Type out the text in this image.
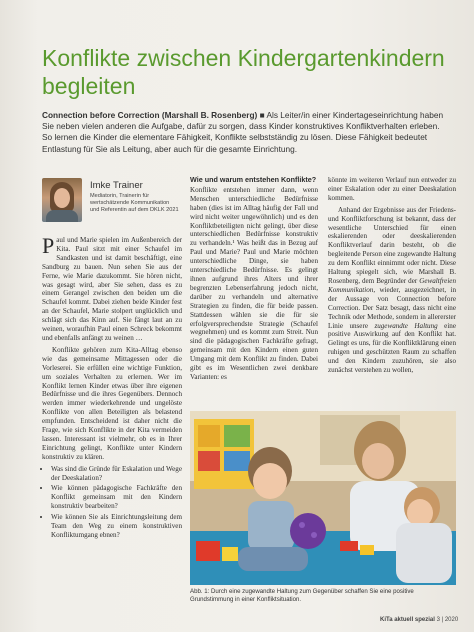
Konflikte zwischen Kindergartenkindern begleiten
Connection before Correction (Marshall B. Rosenberg) ■ Als Leiter/in einer Kindertageseinrichtung haben Sie neben vielen anderen die Aufgabe, dafür zu sorgen, dass Kinder konstruktives Konfliktverhalten erleben. So lernen die Kinder die elementare Fähigkeit, Konflikte selbstständig zu lösen. Diese Fähigkeit bedeutet Entlastung für Sie als Leitung, aber auch für die gesamte Einrichtung.
Imke Trainer
Mediatorin, Trainerin für wertschätzende Kommunikation und Referentin auf dem DKLK 2021

Paul und Marie spielen im Außenbereich der Kita. Paul sitzt mit einer Schaufel im Sandkasten und ist damit beschäftigt, eine Sandburg zu bauen. Nun sehen Sie aus der Ferne, wie Marie dazukommt. Sie hören nicht, was gesagt wird, aber Sie sehen, dass es zu einem Gerangel zwischen den beiden um die Schaufel kommt. Dabei ziehen beide Kinder fest an der Schaufel, Marie stolpert unglücklich und schlägt sich das Kinn auf. Sie fängt laut an zu weinen, woraufhin Paul einen Schreck bekommt und ebenfalls anfängt zu weinen …

Konflikte gehören zum Kita-Alltag ebenso wie das gemeinsame Mittagessen oder die Vorleserei. Sie erfüllen eine wichtige Funktion, um soziales Verhalten zu erlernen. Wer im Konflikt lernen Kinder etwas über ihre eigenen Bedürfnisse und die ihres Gegenübers. Dennoch werden immer wiederkehrende und ungelöste Konflikte von allen Beteiligten als belastend empfunden. Entscheidend ist daher nicht die Frage, wie sich Konflikte in der Kita vermeiden lassen. Interessant ist vielmehr, ob es in Ihrer Einrichtung gelingt, Konflikte unter Kindern konstruktiv zu klären.

• Was sind die Gründe für Eskalation und Wege der Deeskalation?
• Wie können pädagogische Fachkräfte den Konflikt gemeinsam mit den Kindern konstruktiv bearbeiten?
• Wie können Sie als Einrichtungsleitung dem Team den Weg zu einem konstruktiven Konfliktumgang ebnen?
Wie und warum entstehen Konflikte?

Konflikte entstehen immer dann, wenn Menschen unterschiedliche Bedürfnisse haben (dies ist im Alltag häufig der Fall und wird nicht weiter ungewöhnlich) und es den Konfliktbeteiligten nicht gelingt, über diese unterschiedlichen Bedürfnisse konstruktiv zu verhandeln.¹ Was heißt das in Bezug auf Paul und Marie? Paul und Marie möchten unterschiedliche Dinge, sie haben unterschiedliche Bedürfnisse. Es gelingt ihnen aufgrund ihres Alters und ihrer begrenzten Lebenserfahrung jedoch nicht, darüber zu verhandeln und alternative Strategien zu finden, die für beide passen. Stattdessen wählen sie die für sie erfolgversprechendste Strategie (Schaufel wegnehmen) und es kommt zum Streit. Nun sind die pädagogischen Fachkräfte gefragt, gemeinsam mit den Kindern einen guten Umgang mit dem Konflikt zu finden. Dabei gibt es im Wesentlichen zwei denkbare Varianten: es

könnte im weiteren Verlauf nun entweder zu einer Eskalation oder zu einer Deeskalation kommen.

Anhand der Ergebnisse aus der Friedens- und Konfliktforschung ist bekannt, dass der wesentliche Unterschied für einen eskalierenden oder deeskalierenden Konfliktverlauf darin besteht, ob die begleitende Person eine zugewandte Haltung zu dem Konflikt einnimmt oder nicht. Diese Haltung spiegelt sich, wie Marshall B. Rosenberg, dem Begründer der Gewaltfreien Kommunikation, wieder, ausgezeichnet, in der Aussage von Connection before Correction. Der Satz besagt, dass nicht eine Technik oder Methode, sondern in allererster Linie unsere zugewandte Haltung eine positive Auswirkung auf den Konflikt hat. Gelingt es uns, für die Konfliktklärung einen ruhigen und geschützten Raum zu schaffen und den Kindern zuzuhören, sie also zunächst verstehen zu wollen,

Abb. 1: Durch eine zugewandte Haltung zum Gegenüber schaffen Sie eine positive Grundstimmung in einer Konfliktsituation.
KiTa aktuell spezial 3 | 2020
